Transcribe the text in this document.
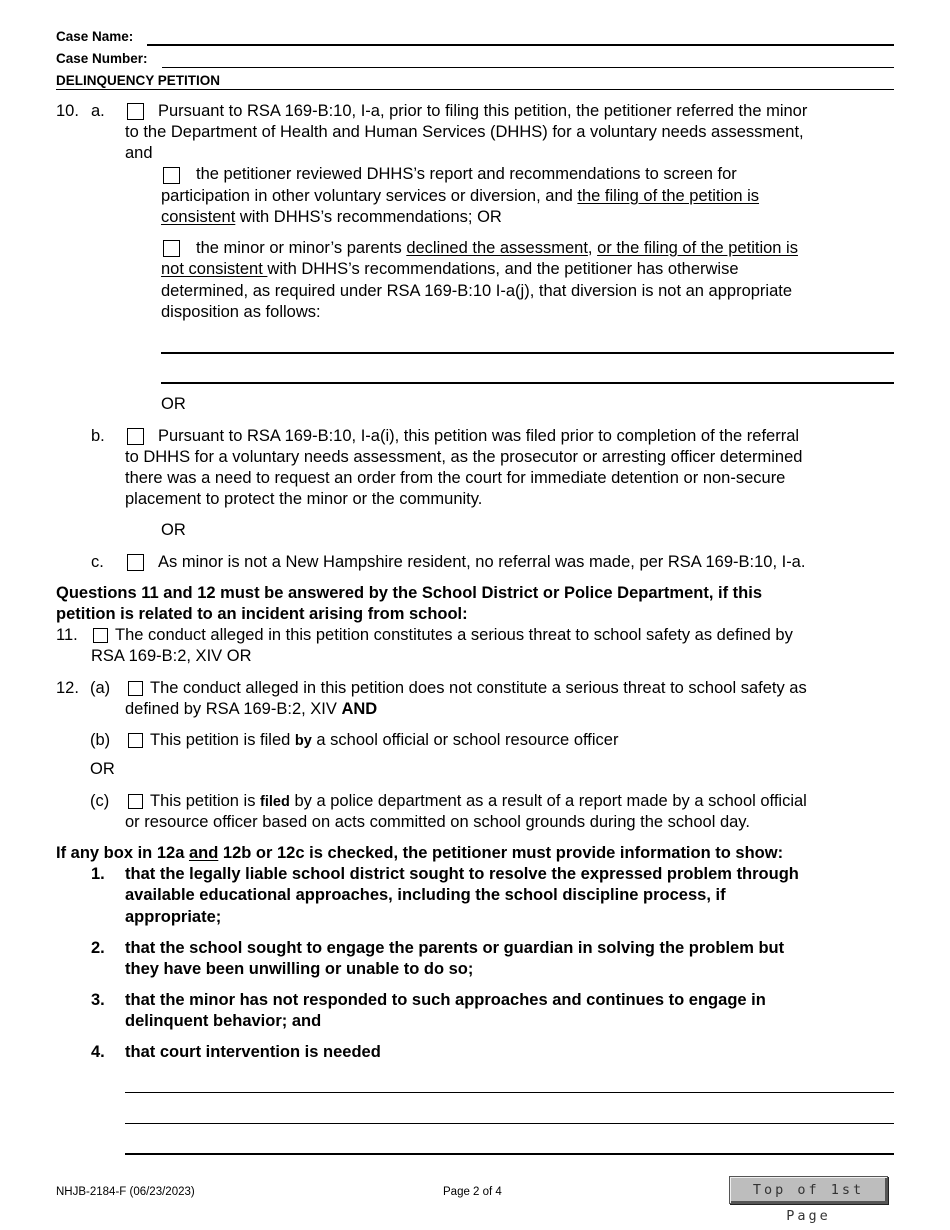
Case Name:
Case Number:
DELINQUENCY PETITION
10. a.	Pursuant to RSA 169-B:10, I-a, prior to filing this petition, the petitioner referred the minor
to the Department of Health and Human Services (DHHS) for a voluntary needs assessment,
and
the petitioner reviewed DHHS’s report and recommendations to screen for
participation in other voluntary services or diversion, and the filing of the petition is
consistent with DHHS’s recommendations; OR
the minor or minor’s parents declined the assessment, or the filing of the petition is
not consistent with DHHS’s recommendations, and the petitioner has otherwise
determined, as required under RSA 169-B:10 I-a(j), that diversion is not an appropriate
disposition as follows:
OR
b.	Pursuant to RSA 169-B:10, I-a(i), this petition was filed prior to completion of the referral
to DHHS for a voluntary needs assessment, as the prosecutor or arresting officer determined
there was a need to request an order from the court for immediate detention or non-secure
placement to protect the minor or the community.
OR
c.	As minor is not a New Hampshire resident, no referral was made, per RSA 169-B:10, I-a.
Questions 11 and 12 must be answered by the School District or Police Department, if this
petition is related to an incident arising from school:
11. The conduct alleged in this petition constitutes a serious threat to school safety as defined by
RSA 169-B:2, XIV OR
12. (a) The conduct alleged in this petition does not constitute a serious threat to school safety as
defined by RSA 169-B:2, XIV AND
(b) This petition is filed by a school official or school resource officer
OR
(c) This petition is filed by a police department as a result of a report made by a school official
or resource officer based on acts committed on school grounds during the school day.
If any box in 12a and 12b or 12c is checked, the petitioner must provide information to show:
1. that the legally liable school district sought to resolve the expressed problem through
available educational approaches, including the school discipline process, if
appropriate;
2. that the school sought to engage the parents or guardian in solving the problem but
they have been unwilling or unable to do so;
3. that the minor has not responded to such approaches and continues to engage in
delinquent behavior; and
4. that court intervention is needed
NHJB-2184-F (06/23/2023)	Page 2 of 4	Top of 1st Page
